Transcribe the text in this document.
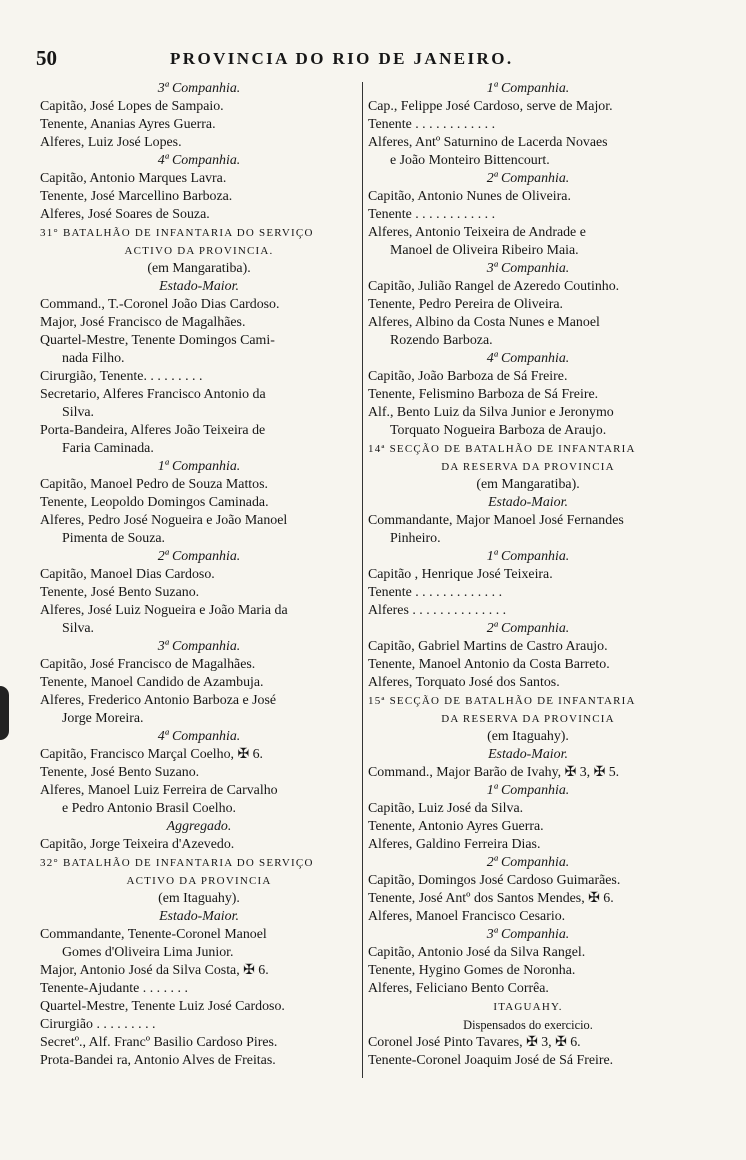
50	PROVINCIA DO RIO DE JANEIRO.
3ª Companhia.
Capitão, José Lopes de Sampaio.
Tenente, Ananias Ayres Guerra.
Alferes, Luiz José Lopes.
4ª Companhia.
Capitão, Antonio Marques Lavra.
Tenente, José Marcellino Barboza.
Alferes, José Soares de Souza.
31° BATALHÃO DE INFANTARIA DO SERVIÇO
ACTIVO DA PROVINCIA.
(em Mangaratiba).
Estado-Maior.
Command., T.-Coronel João Dias Cardoso.
Major, José Francisco de Magalhães.
Quartel-Mestre, Tenente Domingos Cami-
nada Filho.
Cirurgião, Tenente. . . . . . . . .
Secretario, Alferes Francisco Antonio da
Silva.
Porta-Bandeira, Alferes João Teixeira de
Faria Caminada.
1ª Companhia.
Capitão, Manoel Pedro de Souza Mattos.
Tenente, Leopoldo Domingos Caminada.
Alferes, Pedro José Nogueira e João Manoel
Pimenta de Souza.
2ª Companhia.
Capitão, Manoel Dias Cardoso.
Tenente, José Bento Suzano.
Alferes, José Luiz Nogueira e João Maria da
Silva.
3ª Companhia.
Capitão, José Francisco de Magalhães.
Tenente, Manoel Candido de Azambuja.
Alferes, Frederico Antonio Barboza e José
Jorge Moreira.
4ª Companhia.
Capitão, Francisco Marçal Coelho, ✠ 6.
Tenente, José Bento Suzano.
Alferes, Manoel Luiz Ferreira de Carvalho
e Pedro Antonio Brasil Coelho.
Aggregado.
Capitão, Jorge Teixeira d'Azevedo.
32° BATALHÃO DE INFANTARIA DO SERVIÇO
ACTIVO DA PROVINCIA
(em Itaguahy).
Estado-Maior.
Commandante, Tenente-Coronel Manoel
Gomes d'Oliveira Lima Junior.
Major, Antonio José da Silva Costa, ✠ 6.
Tenente-Ajudante . . . . . . .
Quartel-Mestre, Tenente Luiz José Cardoso.
Cirurgião . . . . . . . . .
Secretº., Alf. Francº Basilio Cardoso Pires.
Prota-Bandei ra, Antonio Alves de Freitas.
1ª Companhia.
Cap., Felippe José Cardoso, serve de Major.
Tenente . . . . . . . . . . . .
Alferes, Antº Saturnino de Lacerda Novaes
e João Monteiro Bittencourt.
2ª Companhia.
Capitão, Antonio Nunes de Oliveira.
Tenente . . . . . . . . . . . .
Alferes, Antonio Teixeira de Andrade e
Manoel de Oliveira Ribeiro Maia.
3ª Companhia.
Capitão, Julião Rangel de Azeredo Coutinho.
Tenente, Pedro Pereira de Oliveira.
Alferes, Albino da Costa Nunes e Manoel
Rozendo Barboza.
4ª Companhia.
Capitão, João Barboza de Sá Freire.
Tenente, Felismino Barboza de Sá Freire.
Alf., Bento Luiz da Silva Junior e Jeronymo
Torquato Nogueira Barboza de Araujo.
14ª SECÇÃO DE BATALHÃO DE INFANTARIA
DA RESERVA DA PROVINCIA
(em Mangaratiba).
Estado-Maior.
Commandante, Major Manoel José Fernandes
Pinheiro.
1ª Companhia.
Capitão , Henrique José Teixeira.
Tenente . . . . . . . . . . . . .
Alferes . . . . . . . . . . . . . .
2ª Companhia.
Capitão, Gabriel Martins de Castro Araujo.
Tenente, Manoel Antonio da Costa Barreto.
Alferes, Torquato José dos Santos.
15ª SECÇÃO DE BATALHÃO DE INFANTARIA
DA RESERVA DA PROVINCIA
(em Itaguahy).
Estado-Maior.
Command., Major Barão de Ivahy, ✠ 3, ✠ 5.
1ª Companhia.
Capitão, Luiz José da Silva.
Tenente, Antonio Ayres Guerra.
Alferes, Galdino Ferreira Dias.
2ª Companhia.
Capitão, Domingos José Cardoso Guimarães.
Tenente, José Antº dos Santos Mendes, ✠ 6.
Alferes, Manoel Francisco Cesario.
3ª Companhia.
Capitão, Antonio José da Silva Rangel.
Tenente, Hygino Gomes de Noronha.
Alferes, Feliciano Bento Corrêa.
ITAGUAHY.
Dispensados do exercicio.
Coronel José Pinto Tavares, ✠ 3, ✠ 6.
Tenente-Coronel Joaquim José de Sá Freire.
